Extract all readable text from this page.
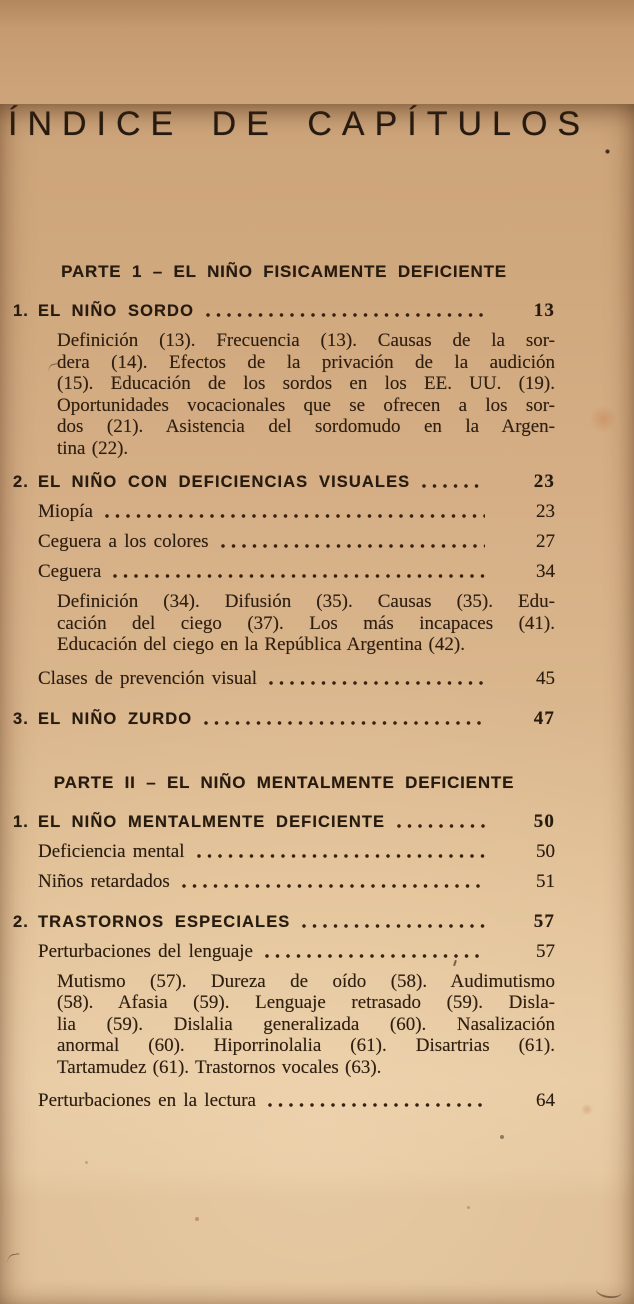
ÍNDICE DE CAPÍTULOS
PARTE 1 – EL NIÑO FISICAMENTE DEFICIENTE
1. EL NIÑO SORDO	13
Definición (13). Frecuencia (13). Causas de la sor-
dera (14). Efectos de la privación de la audición
(15). Educación de los sordos en los EE. UU. (19).
Oportunidades vocacionales que se ofrecen a los sor-
dos (21). Asistencia del sordomudo en la Argen-
tina (22).
2. EL NIÑO CON DEFICIENCIAS VISUALES	23
Miopía	23
Ceguera a los colores	27
Ceguera	34
Definición (34). Difusión (35). Causas (35). Edu-
cación del ciego (37). Los más incapaces (41).
Educación del ciego en la República Argentina (42).
Clases de prevención visual	45
3. EL NIÑO ZURDO	47
PARTE II – EL NIÑO MENTALMENTE DEFICIENTE
1. EL NIÑO MENTALMENTE DEFICIENTE	50
Deficiencia mental	50
Niños retardados	51
2. TRASTORNOS ESPECIALES	57
Perturbaciones del lenguaje	57
Mutismo (57). Dureza de oído (58). Audimutismo
(58). Afasia (59). Lenguaje retrasado (59). Disla-
lia (59). Dislalia generalizada (60). Nasalización
anormal (60). Hiporrinolalia (61). Disartrias (61).
Tartamudez (61). Trastornos vocales (63).
Perturbaciones en la lectura	64
